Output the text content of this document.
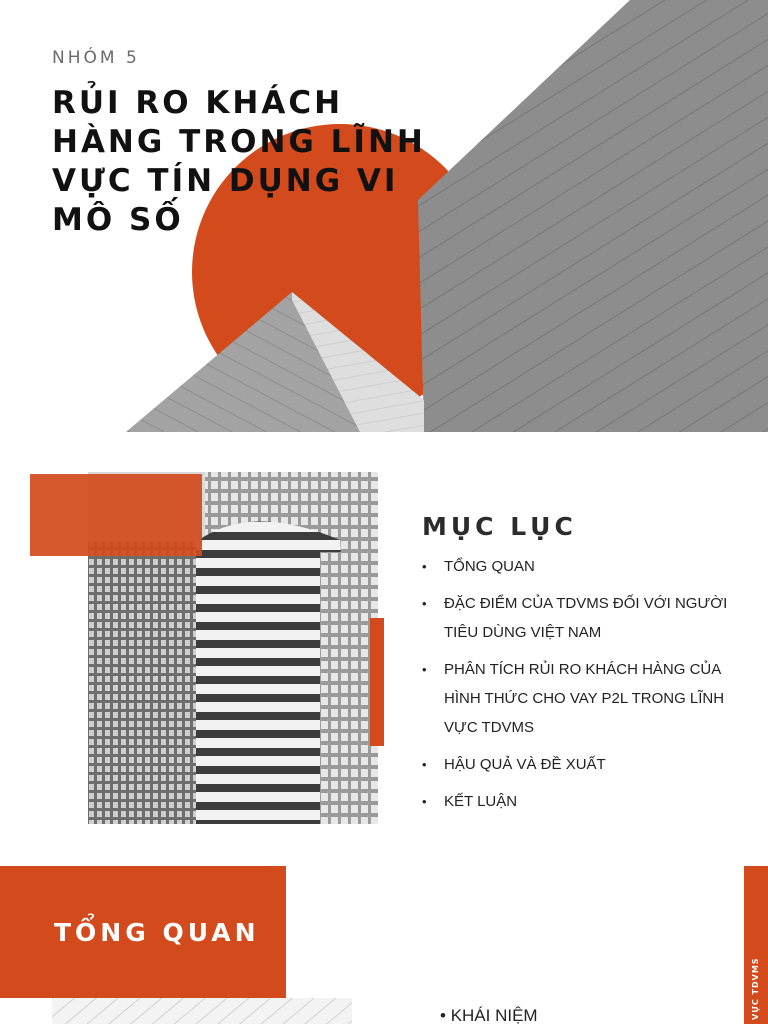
NHÓM 5
RỦI RO KHÁCH HÀNG TRONG LĨNH VỰC TÍN DỤNG VI MÔ SỐ
MỤC LỤC
• TỔNG QUAN
• ĐẶC ĐIỂM CỦA TDVMS ĐỐI VỚI NGƯỜI TIÊU DÙNG VIỆT NAM
• PHÂN TÍCH RỦI RO KHÁCH HÀNG CỦA HÌNH THỨC CHO VAY P2L TRONG LĨNH VỰC TDVMS
• HẬU QUẢ VÀ ĐỀ XUẤT
• KẾT LUẬN
TỔNG QUAN
VỰC TDVMS
• KHÁI NIỆM
